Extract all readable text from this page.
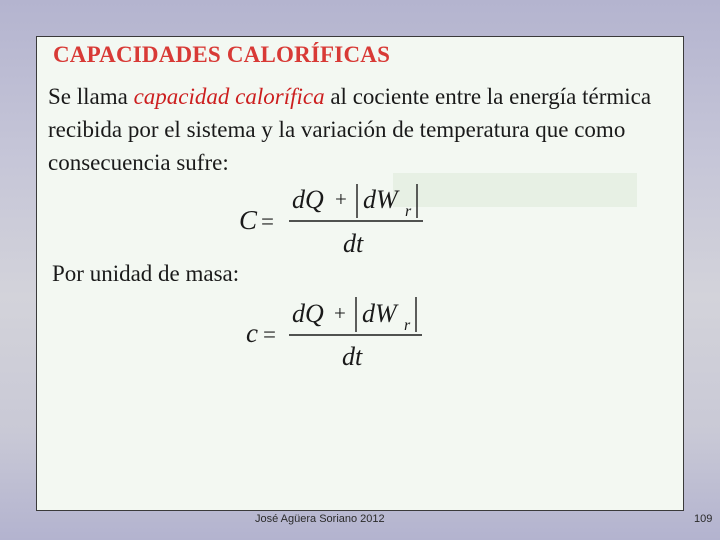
CAPACIDADES CALORÍFICAS

Se llama capacidad calorífica al cociente entre la energía térmica recibida por el sistema y la variación de temperatura que como consecuencia sufre:

C =
dQ + dW r
dt

Por unidad de masa:

c =
dQ + dW r
dt
José Agüera Soriano 2012	109
